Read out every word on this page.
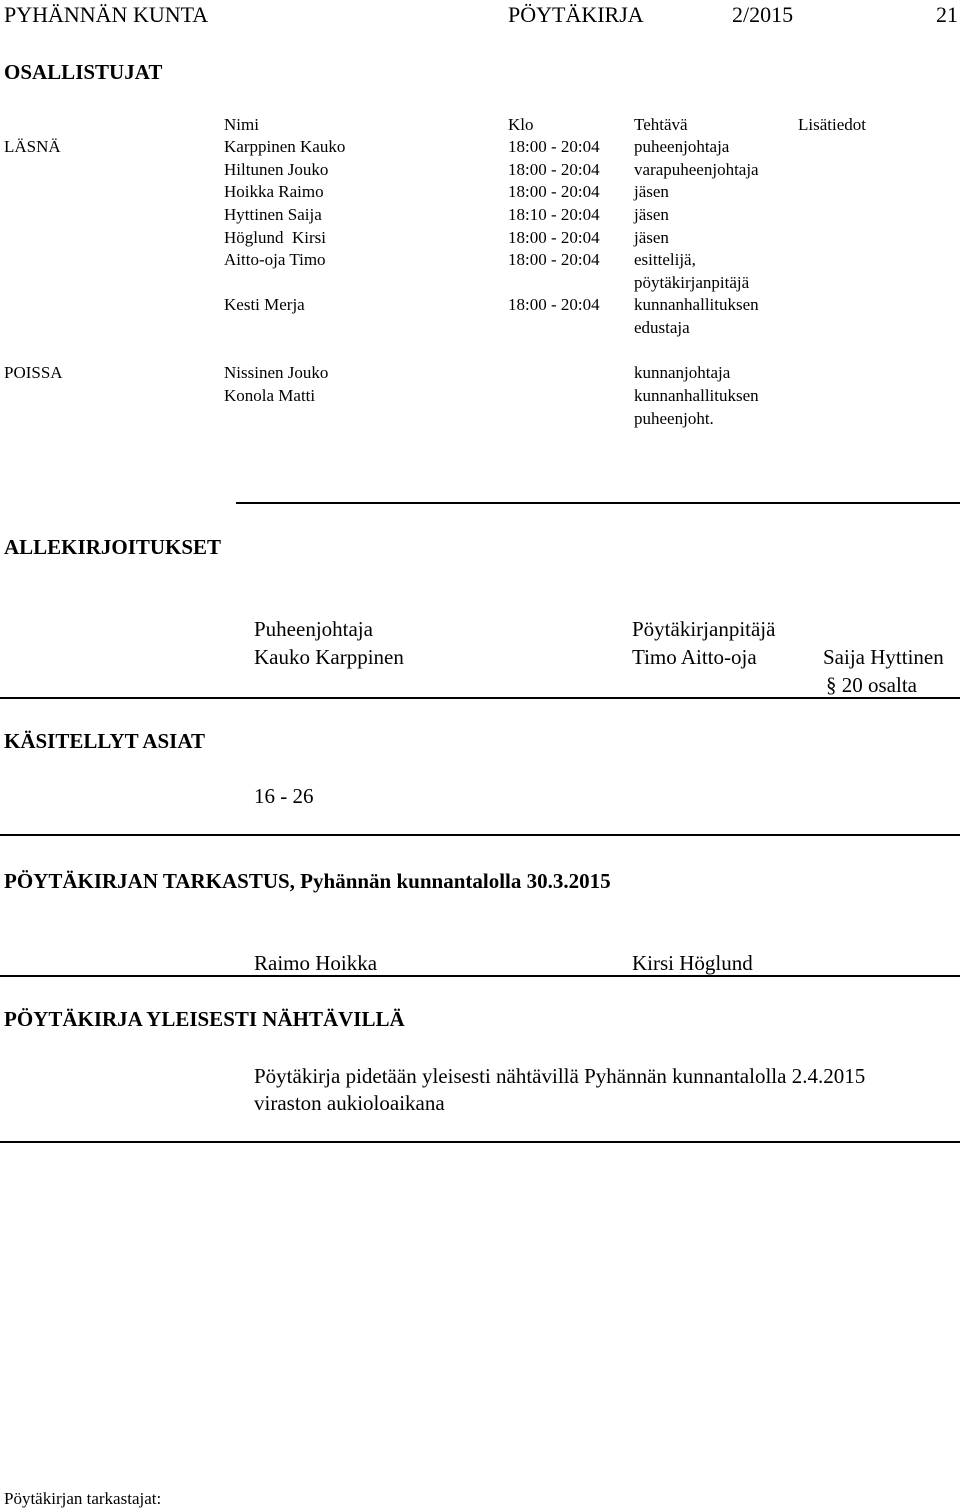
PYHÄNNÄN KUNTA	PÖYTÄKIRJA	2/2015	21
OSALLISTUJAT
Nimi	Klo	Tehtävä	Lisätiedot
LÄSNÄ	Karppinen Kauko	18:00 - 20:04 puheenjohtaja
Hiltunen Jouko	18:00 - 20:04 varapuheenjohtaja
Hoikka Raimo	18:00 - 20:04 jäsen
Hyttinen Saija	18:10 - 20:04 jäsen
Höglund  Kirsi	18:00 - 20:04 jäsen
Aitto-oja Timo	18:00 - 20:04 esittelijä,
pöytäkirjanpitäjä
Kesti Merja	18:00 - 20:04 kunnanhallituksen
edustaja
POISSA	Nissinen Jouko	kunnanjohtaja
Konola Matti	kunnanhallituksen
puheenjoht.
ALLEKIRJOITUKSET
Puheenjohtaja	Pöytäkirjanpitäjä
Kauko Karppinen	Timo Aitto-oja	Saija Hyttinen
§ 20 osalta
KÄSITELLYT ASIAT
16 - 26
PÖYTÄKIRJAN TARKASTUS, Pyhännän kunnantalolla 30.3.2015
Raimo Hoikka	Kirsi Höglund
PÖYTÄKIRJA YLEISESTI NÄHTÄVILLÄ
Pöytäkirja pidetään yleisesti nähtävillä Pyhännän kunnantalolla 2.4.2015
viraston aukioloaikana
Pöytäkirjan tarkastajat:
